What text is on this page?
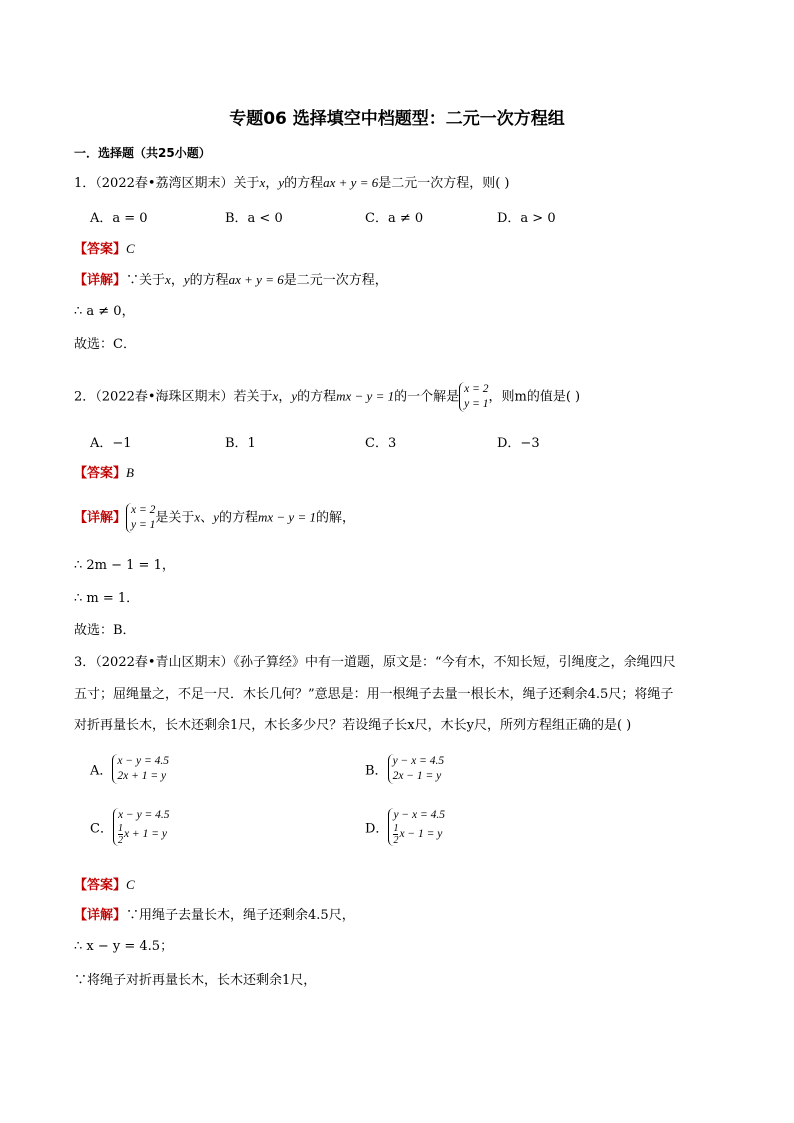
专题06 选择填空中档题型：二元一次方程组
一．选择题（共25小题）
1．（2022春•荔湾区期末）关于x，y的方程ax + y = 6是二元一次方程，则( )
A．a = 0	B．a < 0	C．a ≠ 0	D．a > 0
【答案】C
【详解】∵关于x，y的方程ax + y = 6是二元一次方程，
∴ a ≠ 0，
故选：C．
2．（2022春•海珠区期末）若关于x，y的方程mx − y = 1的一个解是
x = 2
y = 1 ，则m的值是( )
A．−1	B．1	C．3	D．−3
【答案】B
【详解】
x = 2
y = 1 是关于x、y的方程mx − y = 1的解，
∴ 2m − 1 = 1，
∴ m = 1．
故选：B．
3．（2022春•青山区期末）《孙子算经》中有一道题，原文是：“今有木，不知长短，引绳度之，余绳四尺
五寸；屈绳量之，不足一尺．木长几何？”意思是：用一根绳子去量一根长木，绳子还剩余4.5尺；将绳子
对折再量长木，长木还剩余1尺，木长多少尺？若设绳子长x尺，木长y尺，所列方程组正确的是( )
A．
x − y = 4.5
2x + 1 = y	B．
y − x = 4.5
2x − 1 = y
C．
x − y = 4.5
$\frac{1}{2}$ x + 1 = y	D．
y − x = 4.5
$\frac{1}{2}$ x − 1 = y
【答案】C
【详解】∵用绳子去量长木，绳子还剩余4.5尺，
∴ x − y = 4.5；
∵将绳子对折再量长木，长木还剩余1尺，
